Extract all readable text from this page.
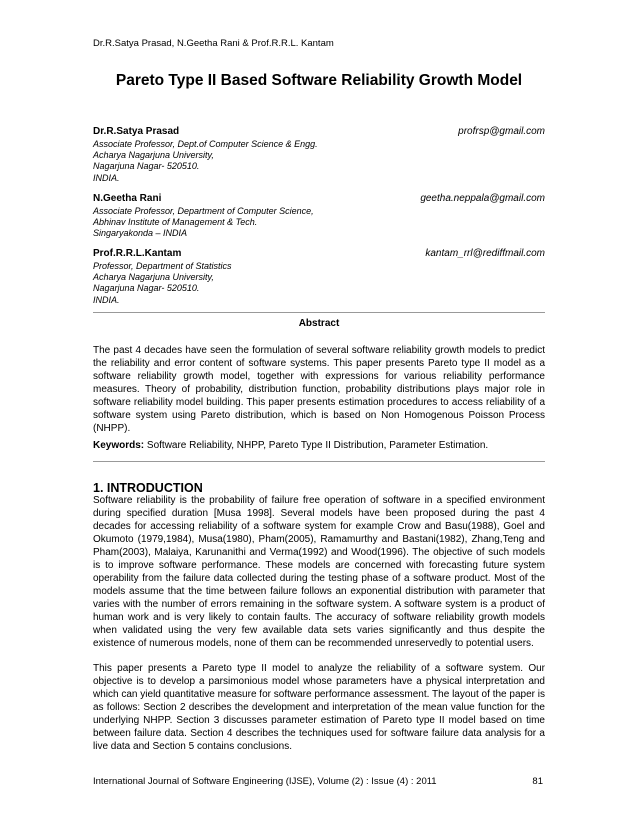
Dr.R.Satya Prasad, N.Geetha Rani & Prof.R.R.L. Kantam
Pareto Type II Based Software Reliability Growth Model
Dr.R.Satya Prasad	profrsp@gmail.com
Associate Professor, Dept.of Computer Science & Engg.
Acharya Nagarjuna University,
Nagarjuna Nagar- 520510.
INDIA.
N.Geetha Rani	geetha.neppala@gmail.com
Associate Professor, Department of Computer Science,
Abhinav Institute of Management & Tech.
Singaryakonda – INDIA
Prof.R.R.L.Kantam	kantam_rrl@rediffmail.com
Professor, Department of Statistics
Acharya Nagarjuna University,
Nagarjuna Nagar- 520510.
INDIA.
Abstract
The past 4 decades have seen the formulation of several software reliability growth models to predict the reliability and error content of software systems. This paper presents Pareto type II model as a software reliability growth model, together with expressions for various reliability performance measures. Theory of probability, distribution function, probability distributions plays major role in software reliability model building. This paper presents estimation procedures to access reliability of a software system using Pareto distribution, which is based on Non Homogenous Poisson Process (NHPP).
Keywords: Software Reliability, NHPP, Pareto Type II Distribution, Parameter Estimation.
1. INTRODUCTION
Software reliability is the probability of failure free operation of software in a specified environment during specified duration [Musa 1998]. Several models have been proposed during the past 4 decades for accessing reliability of a software system for example Crow and Basu(1988), Goel and Okumoto (1979,1984), Musa(1980), Pham(2005), Ramamurthy and Bastani(1982), Zhang,Teng and Pham(2003), Malaiya, Karunanithi and Verma(1992) and Wood(1996). The objective of such models is to improve software performance. These models are concerned with forecasting future system operability from the failure data collected during the testing phase of a software product. Most of the models assume that the time between failure follows an exponential distribution with parameter that varies with the number of errors remaining in the software system. A software system is a product of human work and is very likely to contain faults. The accuracy of software reliability growth models when validated using the very few available data sets varies significantly and thus despite the existence of numerous models, none of them can be recommended unreservedly to potential users.
This paper presents a Pareto type II model to analyze the reliability of a software system. Our objective is to develop a parsimonious model whose parameters have a physical interpretation and which can yield quantitative measure for software performance assessment. The layout of the paper is as follows: Section 2 describes the development and interpretation of the mean value function for the underlying NHPP. Section 3 discusses parameter estimation of Pareto type II model based on time between failure data. Section 4 describes the techniques used for software failure data analysis for a live data and Section 5 contains conclusions.
International Journal of Software Engineering (IJSE), Volume (2) : Issue (4) : 2011	81
